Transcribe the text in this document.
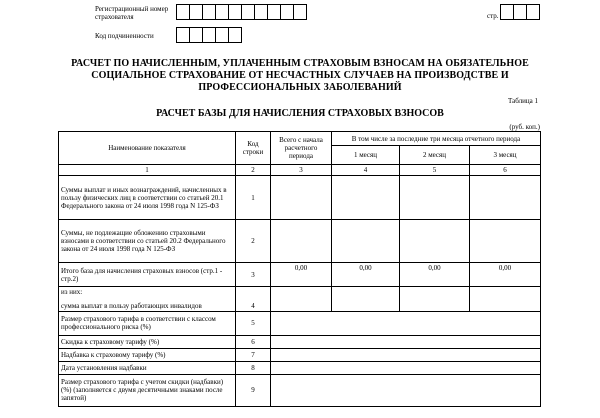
Регистрационный номер страхователя
Код подчиненности
стр.
РАСЧЕТ ПО НАЧИСЛЕННЫМ, УПЛАЧЕННЫМ СТРАХОВЫМ ВЗНОСАМ НА ОБЯЗАТЕЛЬНОЕ СОЦИАЛЬНОЕ СТРАХОВАНИЕ ОТ НЕСЧАСТНЫХ СЛУЧАЕВ НА ПРОИЗВОДСТВЕ И ПРОФЕССИОНАЛЬНЫХ ЗАБОЛЕВАНИЙ
Таблица 1
РАСЧЕТ БАЗЫ ДЛЯ НАЧИСЛЕНИЯ СТРАХОВЫХ ВЗНОСОВ
(руб. коп.)
Наименование показателя	Код строки	Всего с начала расчетного периода	В том числе за последние три месяца отчетного периода		
			1 месяц	2 месяц	3 месяц
1	2	3	4	5	6
Суммы выплат и иных вознаграждений, начисленных в пользу физических лиц в соответствии со статьей 20.1 Федерального закона от 24 июля 1998 года N 125-ФЗ	1				
Суммы, не подлежащие обложению страховыми взносами в соответствии со статьей 20.2 Федерального закона от 24 июля 1998 года N 125-ФЗ	2				
Итого база для начисления страховых взносов (стр.1 - стр.2)	3	0,00	0,00	0,00	0,00
из них:					
сумма выплат в пользу работающих инвалидов	4				
Размер страхового тарифа в соответствии с классом профессионального риска (%)	5				
Скидка к страховому тарифу (%)	6				
Надбавка к страховому тарифу (%)	7				
Дата установления надбавки	8				
Размер страхового тарифа с учетом скидки (надбавки) (%) (заполняется с двумя десятичными знаками после запятой)	9				
